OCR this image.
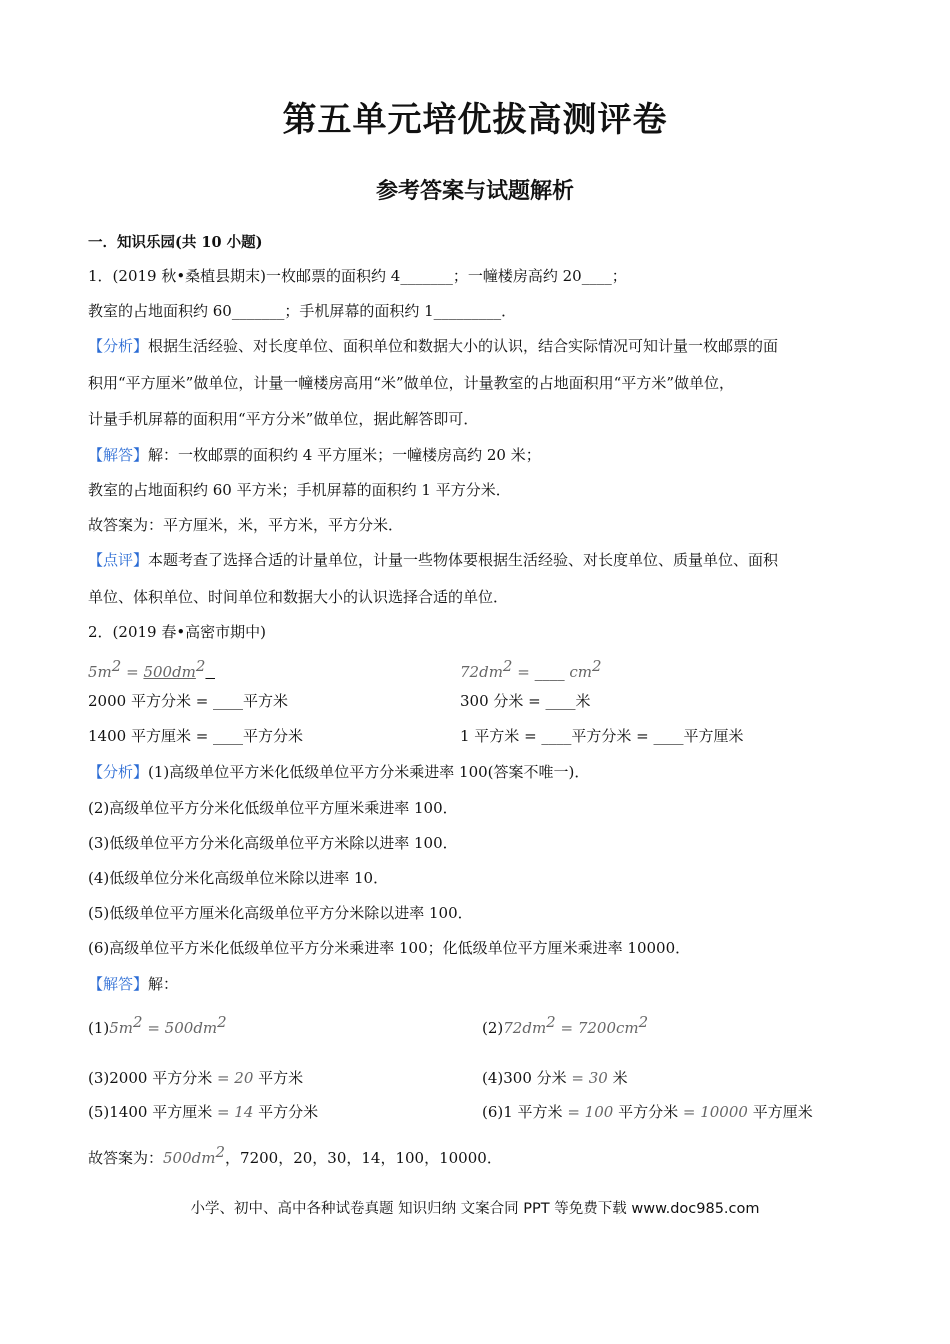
第五单元培优拔高测评卷
参考答案与试题解析
一．知识乐园(共 10 小题)
1．(2019 秋•桑植县期末)一枚邮票的面积约 4_______；一幢楼房高约 20____；
教室的占地面积约 60_______；手机屏幕的面积约 1_________．
【分析】根据生活经验、对长度单位、面积单位和数据大小的认识，结合实际情况可知计量一枚邮票的面
积用“平方厘米”做单位，计量一幢楼房高用“米”做单位，计量教室的占地面积用“平方米”做单位，
计量手机屏幕的面积用“平方分米”做单位，据此解答即可．
【解答】解：一枚邮票的面积约 4 平方厘米；一幢楼房高约 20 米；
教室的占地面积约 60 平方米；手机屏幕的面积约 1 平方分米．
故答案为：平方厘米，米，平方米，平方分米．
【点评】本题考查了选择合适的计量单位，计量一些物体要根据生活经验、对长度单位、质量单位、面积
单位、体积单位、时间单位和数据大小的认识选择合适的单位．
2．(2019 春•高密市期中)
$5m^2 = 500dm^2$	$72dm^2$ = ____ $cm^2$
2000 平方分米 = ____平方米	300 分米 = ____米
1400 平方厘米 = ____平方分米	1 平方米 = ____平方分米 = ____平方厘米
【分析】(1)高级单位平方米化低级单位平方分米乘进率 100(答案不唯一)．
(2)高级单位平方分米化低级单位平方厘米乘进率 100．
(3)低级单位平方分米化高级单位平方米除以进率 100．
(4)低级单位分米化高级单位米除以进率 10．
(5)低级单位平方厘米化高级单位平方分米除以进率 100．
(6)高级单位平方米化低级单位平方分米乘进率 100；化低级单位平方厘米乘进率 10000．
【解答】解：
$(1)5m^2 = 500dm^2$	$(2)72dm^2 = 7200cm^2$
(3)2000 平方分米 = 20 平方米	(4)300 分米 = 30 米
(5)1400 平方厘米 = 14 平方分米	(6)1 平方米 = 100 平方分米 = 10000 平方厘米
故答案为：$500dm^2$，7200，20，30，14，100，10000．
小学、初中、高中各种试卷真题 知识归纳 文案合同 PPT 等免费下载 www.doc985.com
